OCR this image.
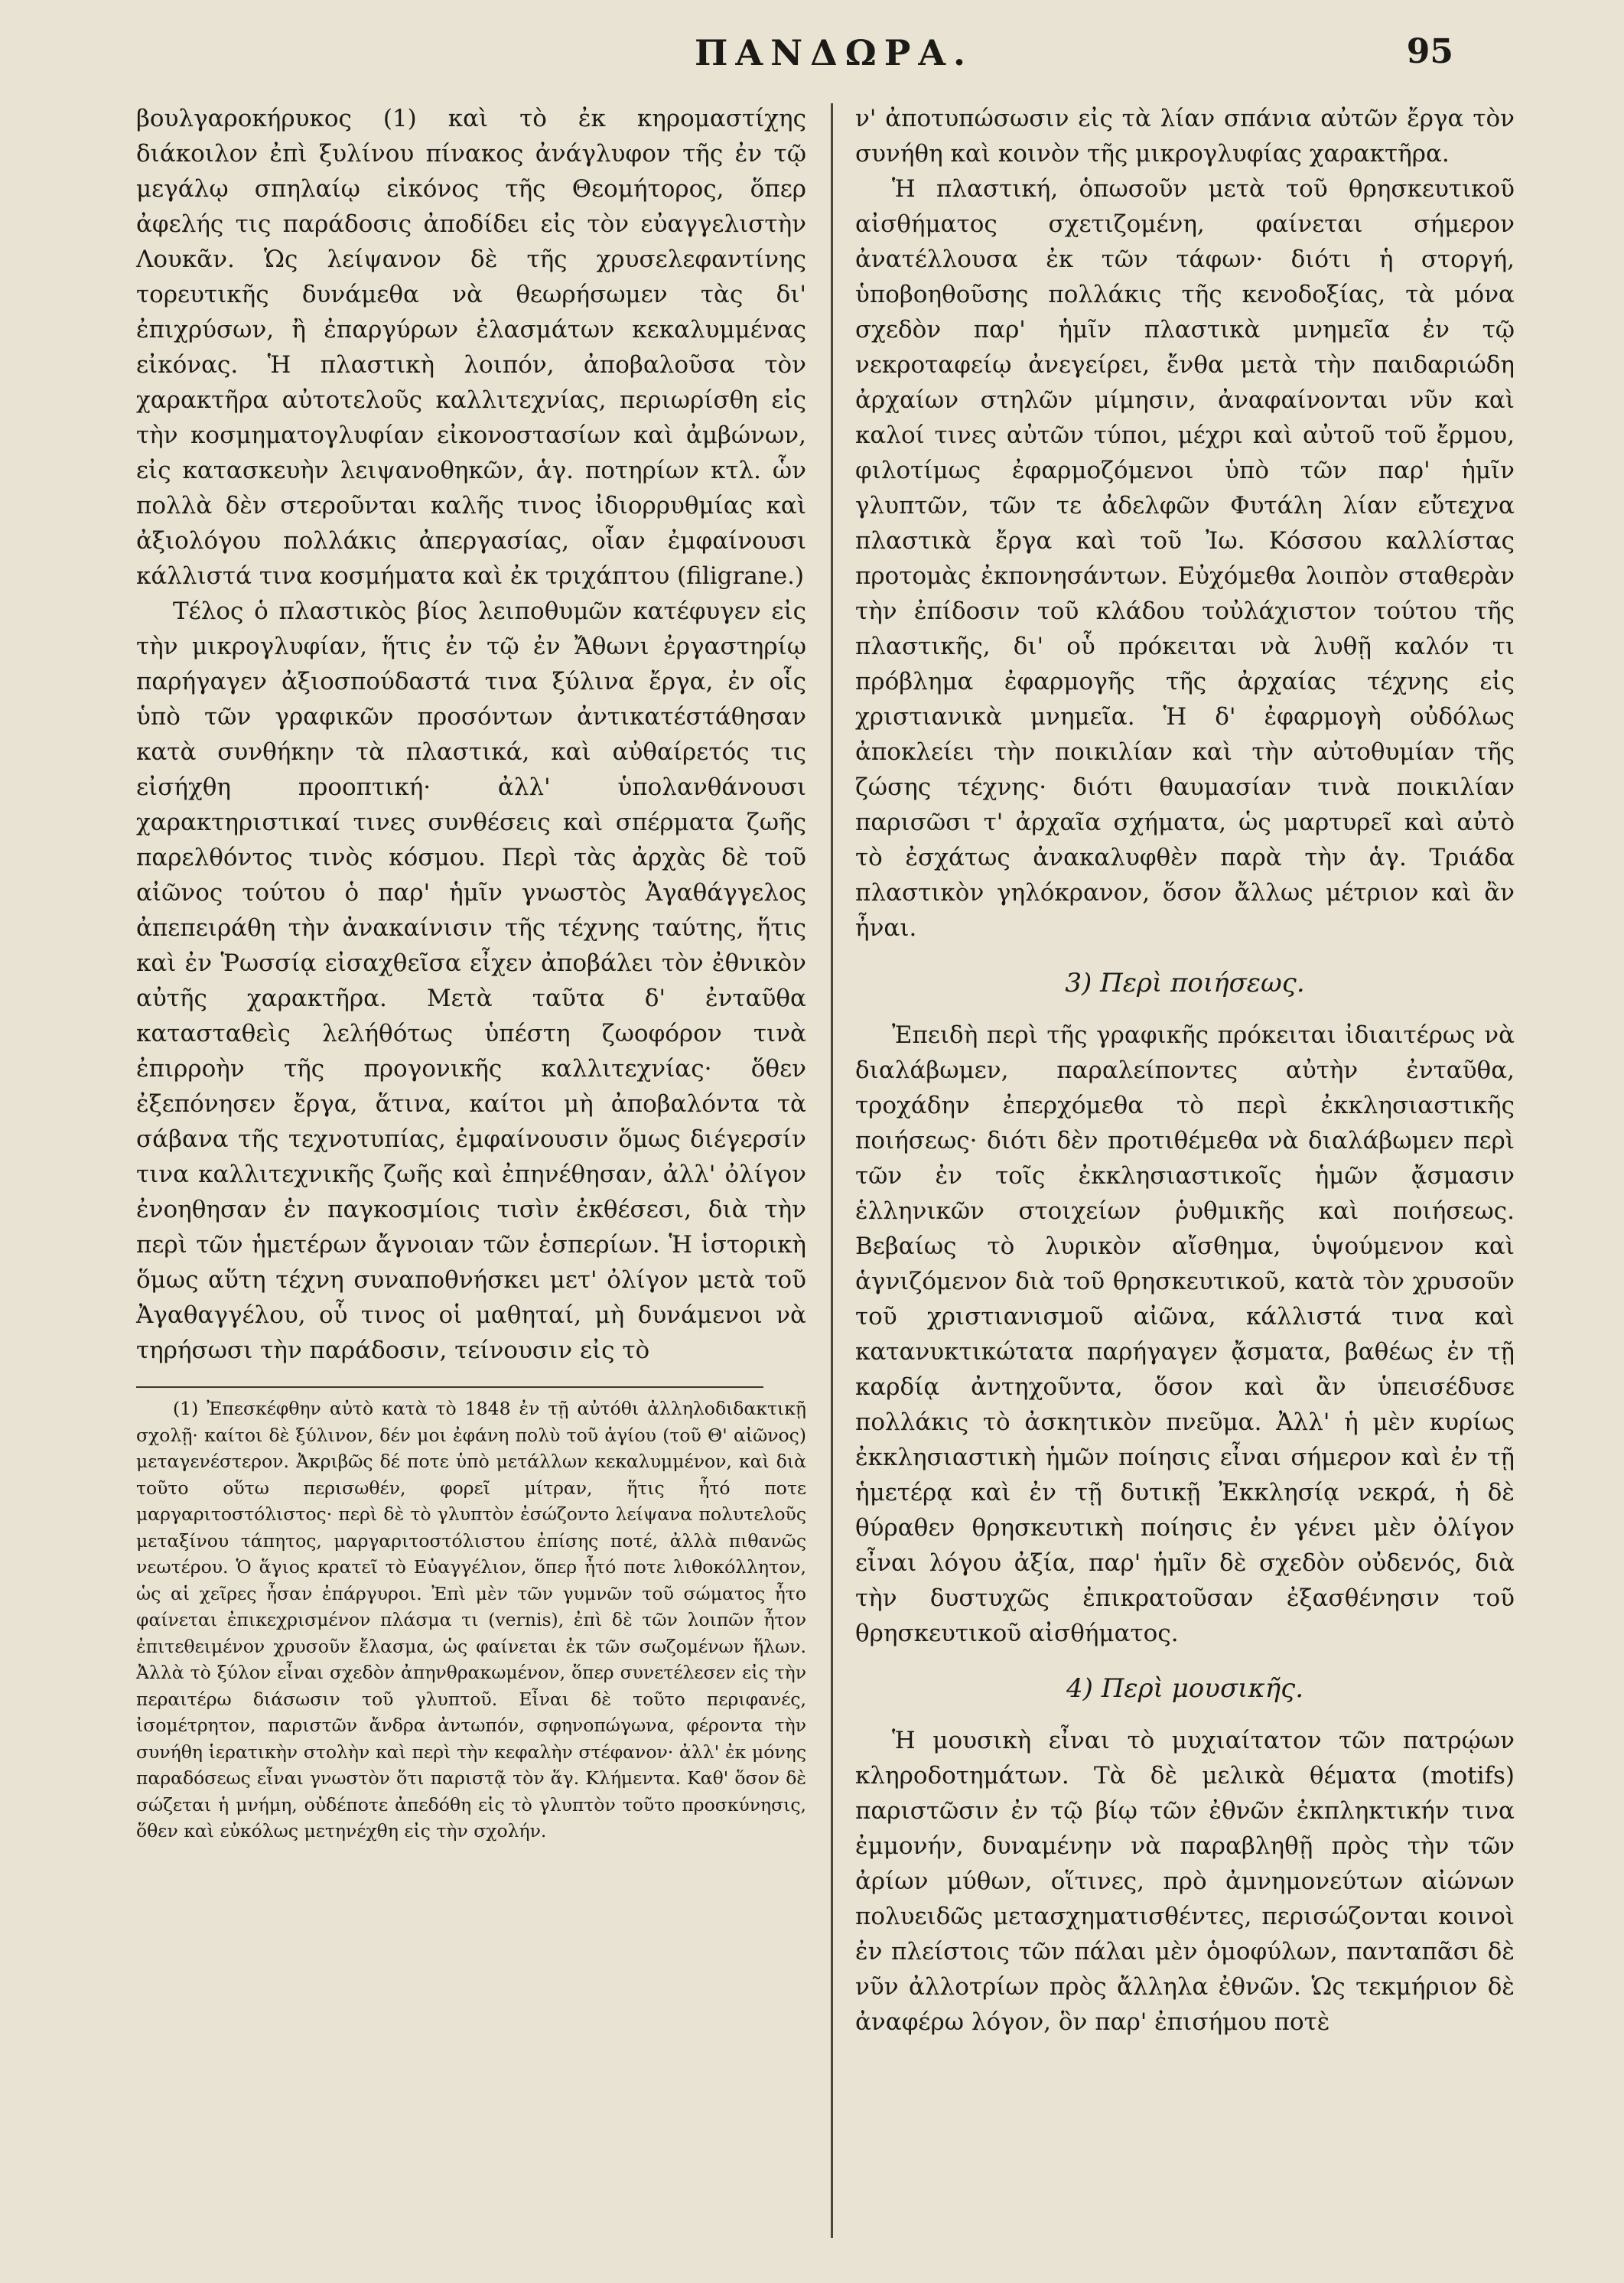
ΠΑΝΔΩΡΑ.	95

βουλγαροκήρυκος (1) καὶ τὸ ἐκ κηρομαστίχης διάκοιλον ἐπὶ ξυλίνου πίνακος ἀνάγλυφον τῆς ἐν τῷ μεγάλῳ σπηλαίῳ εἰκόνος τῆς Θεομήτορος, ὅπερ ἀφελής τις παράδοσις ἀποδίδει εἰς τὸν εὐαγγελιστὴν Λουκᾶν. Ὡς λείψανον δὲ τῆς χρυσελεφαντίνης τορευτικῆς δυνάμεθα νὰ θεωρήσωμεν τὰς δι' ἐπιχρύσων, ἢ ἐπαργύρων ἐλασμάτων κεκαλυμμένας εἰκόνας. Ἡ πλαστικὴ λοιπόν, ἀποβαλοῦσα τὸν χαρακτῆρα αὐτοτελοῦς καλλιτεχνίας, περιωρίσθη εἰς τὴν κοσμηματογλυφίαν εἰκονοστασίων καὶ ἀμβώνων, εἰς κατασκευὴν λειψανοθηκῶν, ἁγ. ποτηρίων κτλ. ὧν πολλὰ δὲν στεροῦνται καλῆς τινος ἰδιορρυθμίας καὶ ἀξιολόγου πολλάκις ἀπεργασίας, οἷαν ἐμφαίνουσι κάλλιστά τινα κοσμήματα καὶ ἐκ τριχάπτου (filigrane.)

Τέλος ὁ πλαστικὸς βίος λειποθυμῶν κατέφυγεν εἰς τὴν μικρογλυφίαν, ἥτις ἐν τῷ ἐν Ἄθωνι ἐργαστηρίῳ παρήγαγεν ἀξιοσπούδαστά τινα ξύλινα ἔργα, ἐν οἷς ὑπὸ τῶν γραφικῶν προσόντων ἀντικατέστάθησαν κατὰ συνθήκην τὰ πλαστικά, καὶ αὐθαίρετός τις εἰσήχθη προοπτική· ἀλλ' ὑπολανθάνουσι χαρακτηριστικαί τινες συνθέσεις καὶ σπέρματα ζωῆς παρελθόντος τινὸς κόσμου. Περὶ τὰς ἀρχὰς δὲ τοῦ αἰῶνος τούτου ὁ παρ' ἡμῖν γνωστὸς Ἀγαθάγγελος ἀπεπειράθη τὴν ἀνακαίνισιν τῆς τέχνης ταύτης, ἥτις καὶ ἐν Ῥωσσίᾳ εἰσαχθεῖσα εἶχεν ἀποβάλει τὸν ἐθνικὸν αὐτῆς χαρακτῆρα. Μετὰ ταῦτα δ' ἐνταῦθα κατασταθεὶς λελήθότως ὑπέστη ζωοφόρον τινὰ ἐπιρροὴν τῆς προγονικῆς καλλιτεχνίας· ὅθεν ἐξεπόνησεν ἔργα, ἅτινα, καίτοι μὴ ἀποβαλόντα τὰ σάβανα τῆς τεχνοτυπίας, ἐμφαίνουσιν ὅμως διέγερσίν τινα καλλιτεχνικῆς ζωῆς καὶ ἐπηνέθησαν, ἀλλ' ὀλίγον ἐνοηθησαν ἐν παγκοσμίοις τισὶν ἐκθέσεσι, διὰ τὴν περὶ τῶν ἡμετέρων ἄγνοιαν τῶν ἑσπερίων. Ἡ ἱστορικὴ ὅμως αὕτη τέχνη συναποθνήσκει μετ' ὀλίγον μετὰ τοῦ Ἀγαθαγγέλου, οὗ τινος οἱ μαθηταί, μὴ δυνάμενοι νὰ τηρήσωσι τὴν παράδοσιν, τείνουσιν εἰς τὸ

(1) Ἐπεσκέφθην αὐτὸ κατὰ τὸ 1848 ἐν τῇ αὐτόθι ἀλληλοδιδακτικῇ σχολῇ· καίτοι δὲ ξύλινον, δέν μοι ἐφάνη πολὺ τοῦ ἁγίου (τοῦ Θ' αἰῶνος) μεταγενέστερον. Ἀκριβῶς δέ ποτε ὑπὸ μετάλλων κεκαλυμμένον, καὶ διὰ τοῦτο οὕτω περισωθέν, φορεῖ μίτραν, ἥτις ἦτό ποτε μαργαριτοστόλιστος· περὶ δὲ τὸ γλυπτὸν ἐσώζοντο λείψανα πολυτελοῦς μεταξίνου τάπητος, μαργαριτοστόλιστου ἐπίσης ποτέ, ἀλλὰ πιθανῶς νεωτέρου. Ὁ ἅγιος κρατεῖ τὸ Εὐαγγέλιον, ὅπερ ἦτό ποτε λιθοκόλλητον, ὡς αἱ χεῖρες ἦσαν ἐπάργυροι. Ἐπὶ μὲν τῶν γυμνῶν τοῦ σώματος ἦτο φαίνεται ἐπικεχρισμένον πλάσμα τι (vernis), ἐπὶ δὲ τῶν λοιπῶν ἦτον ἐπιτεθειμένον χρυσοῦν ἔλασμα, ὡς φαίνεται ἐκ τῶν σωζομένων ἥλων. Ἀλλὰ τὸ ξύλον εἶναι σχεδὸν ἀπηνθρακωμένον, ὅπερ συνετέλεσεν εἰς τὴν περαιτέρω διάσωσιν τοῦ γλυπτοῦ. Εἶναι δὲ τοῦτο περιφανές, ἰσομέτρητον, παριστῶν ἄνδρα ἀντωπόν, σφηνοπώγωνα, φέροντα τὴν συνήθη ἱερατικὴν στολὴν καὶ περὶ τὴν κεφαλὴν στέφανον· ἀλλ' ἐκ μόνης παραδόσεως εἶναι γνωστὸν ὅτι παριστᾷ τὸν ἅγ. Κλήμεντα. Καθ' ὅσον δὲ σώζεται ἡ μνήμη, οὐδέποτε ἀπεδόθη εἰς τὸ γλυπτὸν τοῦτο προσκύνησις, ὅθεν καὶ εὐκόλως μετηνέχθη εἰς τὴν σχολήν.

ν' ἀποτυπώσωσιν εἰς τὰ λίαν σπάνια αὐτῶν ἔργα τὸν συνήθη καὶ κοινὸν τῆς μικρογλυφίας χαρακτῆρα.

Ἡ πλαστική, ὁπωσοῦν μετὰ τοῦ θρησκευτικοῦ αἰσθήματος σχετιζομένη, φαίνεται σήμερον ἀνατέλλουσα ἐκ τῶν τάφων· διότι ἡ στοργή, ὑποβοηθοῦσης πολλάκις τῆς κενοδοξίας, τὰ μόνα σχεδὸν παρ' ἡμῖν πλαστικὰ μνημεῖα ἐν τῷ νεκροταφείῳ ἀνεγείρει, ἔνθα μετὰ τὴν παιδαριώδη ἀρχαίων στηλῶν μίμησιν, ἀναφαίνονται νῦν καὶ καλοί τινες αὐτῶν τύποι, μέχρι καὶ αὐτοῦ τοῦ ἔρμου, φιλοτίμως ἐφαρμοζόμενοι ὑπὸ τῶν παρ' ἡμῖν γλυπτῶν, τῶν τε ἀδελφῶν Φυτάλη λίαν εὔτεχνα πλαστικὰ ἔργα καὶ τοῦ Ἰω. Κόσσου καλλίστας προτομὰς ἐκπονησάντων. Εὐχόμεθα λοιπὸν σταθερὰν τὴν ἐπίδοσιν τοῦ κλάδου τοὐλάχιστον τούτου τῆς πλαστικῆς, δι' οὗ πρόκειται νὰ λυθῇ καλόν τι πρόβλημα ἐφαρμογῆς τῆς ἀρχαίας τέχνης εἰς χριστιανικὰ μνημεῖα. Ἡ δ' ἐφαρμογὴ οὐδόλως ἀποκλείει τὴν ποικιλίαν καὶ τὴν αὐτοθυμίαν τῆς ζώσης τέχνης· διότι θαυμασίαν τινὰ ποικιλίαν παρισῶσι τ' ἀρχαῖα σχήματα, ὡς μαρτυρεῖ καὶ αὐτὸ τὸ ἐσχάτως ἀνακαλυφθὲν παρὰ τὴν ἁγ. Τριάδα πλαστικὸν γηλόκρανον, ὅσον ἄλλως μέτριον καὶ ἂν ἦναι.

3) Περὶ ποιήσεως.

Ἐπειδὴ περὶ τῆς γραφικῆς πρόκειται ἰδιαιτέρως νὰ διαλάβωμεν, παραλείποντες αὐτὴν ἐνταῦθα, τροχάδην ἐπερχόμεθα τὸ περὶ ἐκκλησιαστικῆς ποιήσεως· διότι δὲν προτιθέμεθα νὰ διαλάβωμεν περὶ τῶν ἐν τοῖς ἐκκλησιαστικοῖς ἡμῶν ᾄσμασιν ἑλληνικῶν στοιχείων ῥυθμικῆς καὶ ποιήσεως. Βεβαίως τὸ λυρικὸν αἴσθημα, ὑψούμενον καὶ ἁγνιζόμενον διὰ τοῦ θρησκευτικοῦ, κατὰ τὸν χρυσοῦν τοῦ χριστιανισμοῦ αἰῶνα, κάλλιστά τινα καὶ κατανυκτικώτατα παρήγαγεν ᾄσματα, βαθέως ἐν τῇ καρδίᾳ ἀντηχοῦντα, ὅσον καὶ ἂν ὑπεισέδυσε πολλάκις τὸ ἀσκητικὸν πνεῦμα. Ἀλλ' ἡ μὲν κυρίως ἐκκλησιαστικὴ ἡμῶν ποίησις εἶναι σήμερον καὶ ἐν τῇ ἡμετέρᾳ καὶ ἐν τῇ δυτικῇ Ἐκκλησίᾳ νεκρά, ἡ δὲ θύραθεν θρησκευτικὴ ποίησις ἐν γένει μὲν ὀλίγον εἶναι λόγου ἀξία, παρ' ἡμῖν δὲ σχεδὸν οὐδενός, διὰ τὴν δυστυχῶς ἐπικρατοῦσαν ἐξασθένησιν τοῦ θρησκευτικοῦ αἰσθήματος.

4) Περὶ μουσικῆς.

Ἡ μουσικὴ εἶναι τὸ μυχιαίτατον τῶν πατρῴων κληροδοτημάτων. Τὰ δὲ μελικὰ θέματα (motifs) παριστῶσιν ἐν τῷ βίῳ τῶν ἐθνῶν ἐκπληκτικήν τινα ἐμμονήν, δυναμένην νὰ παραβληθῇ πρὸς τὴν τῶν ἀρίων μύθων, οἵτινες, πρὸ ἀμνημονεύτων αἰώνων πολυειδῶς μετασχηματισθέντες, περισώζονται κοινοὶ ἐν πλείστοις τῶν πάλαι μὲν ὁμοφύλων, πανταπᾶσι δὲ νῦν ἀλλοτρίων πρὸς ἄλληλα ἐθνῶν. Ὡς τεκμήριον δὲ ἀναφέρω λόγον, ὃν παρ' ἐπισήμου ποτὲ
